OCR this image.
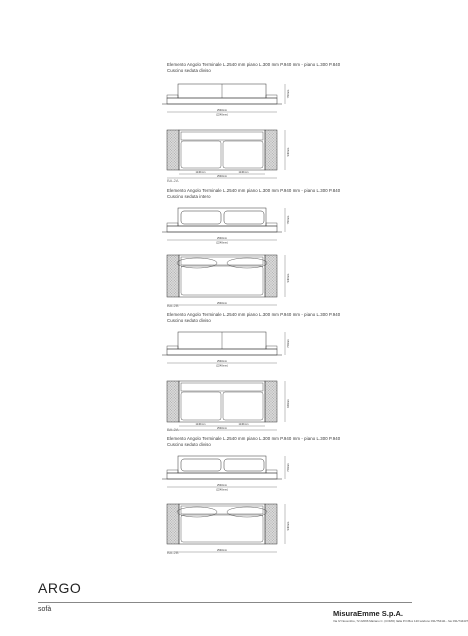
2540mm
(2240mm)
750mm
1140mm	1140mm
2540mm
940mm
2540mm
(2240mm)
750mm
2540mm
940mm
2540mm
(2240mm)
750mm
1140mm	1140mm
2540mm
940mm
2540mm
(2240mm)
750mm
2540mm
940mm
Elemento Angolo Terminale L.2540 mm piano L.300 mm P.940 mm - piano L.300 P.840 Cuscino seduta diviso
BA-2A
Elemento Angolo Terminale L.2540 mm piano L.300 mm P.940 mm - piano L.300 P.840 Cuscino seduta intero
BA-2B
Elemento Angolo Terminale L.2540 mm piano L.300 mm P.940 mm - piano L.300 P.940 Cuscino seduto diviso
BA-2A
Elemento Angolo Terminale L.2540 mm piano L.300 mm P.940 mm - piano L.300 P.940 Cuscino seduto diviso
BA-2B
ARGO
sofà	MisuraEmme S.p.A.
Via IV Novembre, 72 22066 Mariano C. (COMO) Italia P.O.Box 120 telefono 031/754111 - fax 031/744437
